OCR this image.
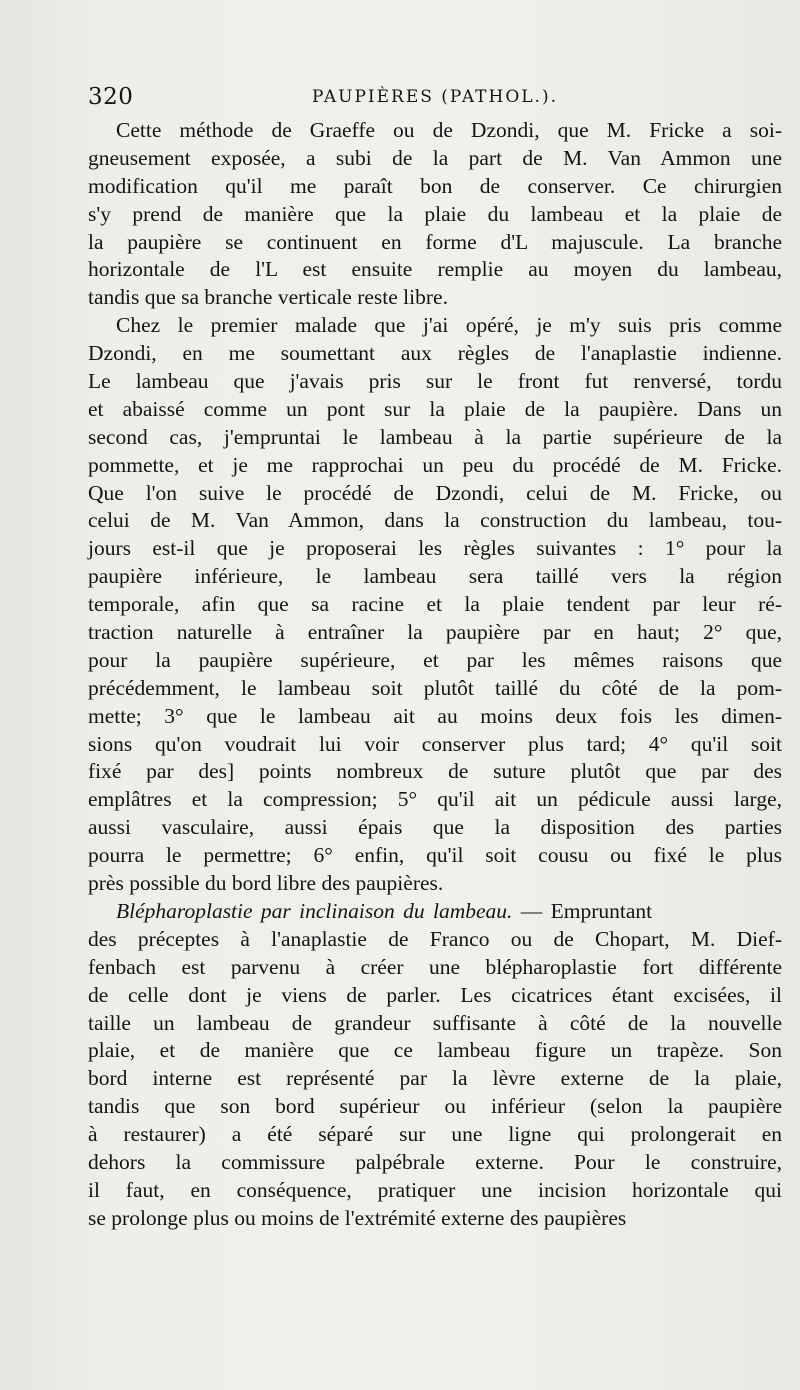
320	PAUPIÈRES (PATHOL.).
Cette méthode de Graeffe ou de Dzondi, que M. Fricke a soi-
gneusement exposée, a subi de la part de M. Van Ammon une
modification qu'il me paraît bon de conserver. Ce chirurgien
s'y prend de manière que la plaie du lambeau et la plaie de
la paupière se continuent en forme d'L majuscule. La branche
horizontale de l'L est ensuite remplie au moyen du lambeau,
tandis que sa branche verticale reste libre.
Chez le premier malade que j'ai opéré, je m'y suis pris comme
Dzondi, en me soumettant aux règles de l'anaplastie indienne.
Le lambeau que j'avais pris sur le front fut renversé, tordu
et abaissé comme un pont sur la plaie de la paupière. Dans un
second cas, j'empruntai le lambeau à la partie supérieure de la
pommette, et je me rapprochai un peu du procédé de M. Fricke.
Que l'on suive le procédé de Dzondi, celui de M. Fricke, ou
celui de M. Van Ammon, dans la construction du lambeau, tou-
jours est-il que je proposerai les règles suivantes : 1° pour la
paupière inférieure, le lambeau sera taillé vers la région
temporale, afin que sa racine et la plaie tendent par leur ré-
traction naturelle à entraîner la paupière par en haut; 2° que,
pour la paupière supérieure, et par les mêmes raisons que
précédemment, le lambeau soit plutôt taillé du côté de la pom-
mette; 3° que le lambeau ait au moins deux fois les dimen-
sions qu'on voudrait lui voir conserver plus tard; 4° qu'il soit
fixé par des] points nombreux de suture plutôt que par des
emplâtres et la compression; 5° qu'il ait un pédicule aussi large,
aussi vasculaire, aussi épais que la disposition des parties
pourra le permettre; 6° enfin, qu'il soit cousu ou fixé le plus
près possible du bord libre des paupières.
Blépharoplastie par inclinaison du lambeau. — Empruntant
des préceptes à l'anaplastie de Franco ou de Chopart, M. Dief-
fenbach est parvenu à créer une blépharoplastie fort différente
de celle dont je viens de parler. Les cicatrices étant excisées, il
taille un lambeau de grandeur suffisante à côté de la nouvelle
plaie, et de manière que ce lambeau figure un trapèze. Son
bord interne est représenté par la lèvre externe de la plaie,
tandis que son bord supérieur ou inférieur (selon la paupière
à restaurer) a été séparé sur une ligne qui prolongerait en
dehors la commissure palpébrale externe. Pour le construire,
il faut, en conséquence, pratiquer une incision horizontale qui
se prolonge plus ou moins de l'extrémité externe des paupières
